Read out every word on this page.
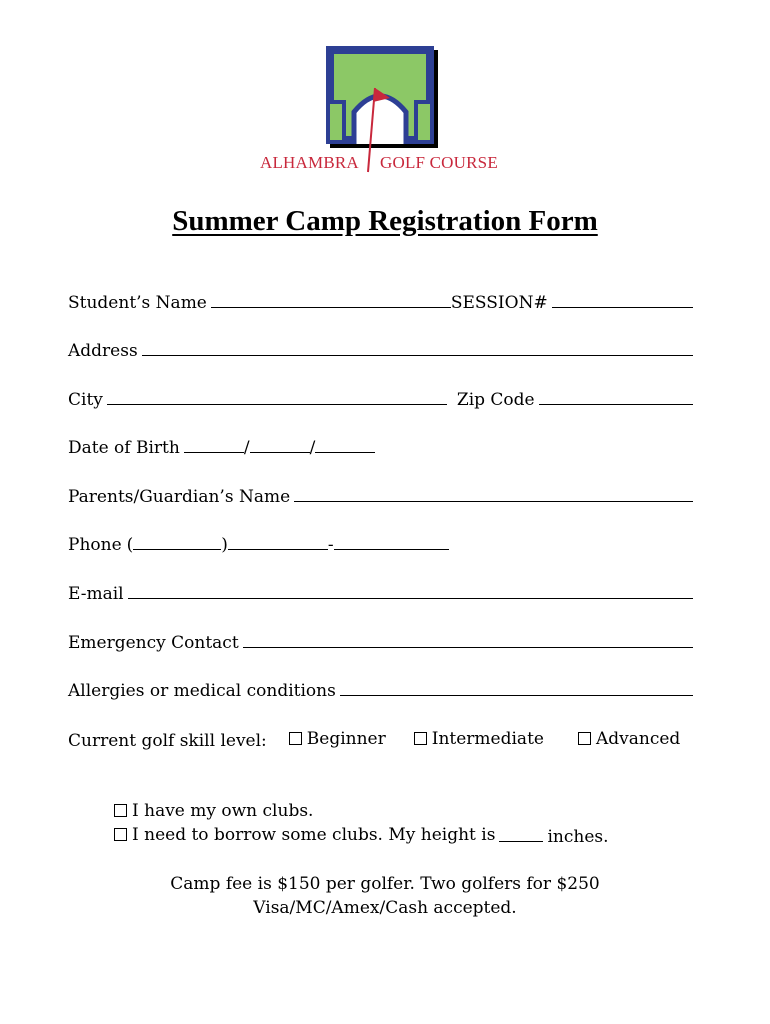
ALHAMBRA GOLF COURSE
Summer Camp Registration Form
Student’s Name	SESSION#
Address
City	Zip Code
Date of Birth	/	/
Parents/Guardian’s Name
Phone (	)	-
E-mail
Emergency Contact
Allergies or medical conditions
Current golf skill level: Beginner	Intermediate	Advanced
I have my own clubs.
I need to borrow some clubs. My height is	inches.
Camp fee is $150 per golfer. Two golfers for $250
Visa/MC/Amex/Cash accepted.
